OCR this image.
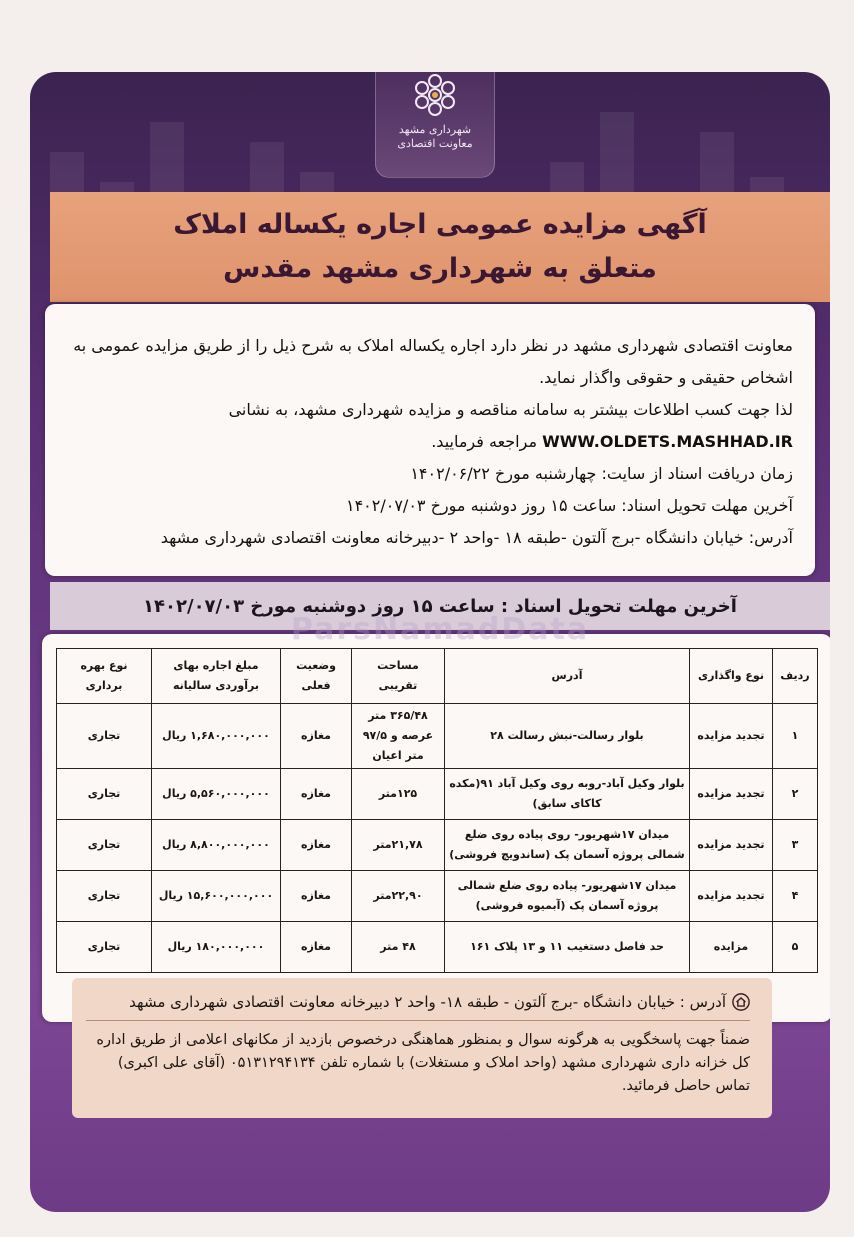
شهرداری مشهد
معاونت اقتصادی
آگهی مزایده عمومی اجاره یکساله املاک
متعلق به شهرداری مشهد مقدس

معاونت اقتصادی شهرداری مشهد در نظر دارد اجاره یکساله املاک به شرح ذیل را از طریق مزایده عمومی به اشخاص حقیقی و حقوقی واگذار نماید.

لذا جهت کسب اطلاعات بیشتر به سامانه مناقصه و مزایده شهرداری مشهد، به نشانی WWW.OLDETS.MASHHAD.IR مراجعه فرمایید.

زمان دریافت اسناد از سایت: چهارشنبه مورخ ۱۴۰۲/۰۶/۲۲

آخرین مهلت تحویل اسناد: ساعت ۱۵ روز دوشنبه مورخ ۱۴۰۲/۰۷/۰۳

آدرس: خیابان دانشگاه -برج آلتون -طبقه ۱۸ -واحد ۲ -دبیرخانه معاونت اقتصادی شهرداری مشهد

آخرین مهلت تحویل اسناد : ساعت ۱۵ روز دوشنبه مورخ ۱۴۰۲/۰۷/۰۳
ردیف	نوع واگذاری	آدرس	مساحت تقریبی	وضعیت فعلی	مبلغ اجاره بهای برآوردی سالیانه	نوع بهره برداری
۱	تجدید مزایده	بلوار رسالت-نبش رسالت ۲۸	۳۶۵/۴۸ متر عرصه و ۹۷/۵ متر اعیان	مغازه	۱,۶۸۰,۰۰۰,۰۰۰ ریال	تجاری
۲	تجدید مزایده	بلوار وکیل آباد-روبه روی وکیل آباد ۹۱(مکده کاکای سابق)	۱۲۵متر	مغازه	۵,۵۶۰,۰۰۰,۰۰۰ ریال	تجاری
۳	تجدید مزایده	میدان ۱۷شهریور- روی پیاده روی ضلع شمالی پروژه آسمان پک (ساندویچ فروشی)	۲۱,۷۸متر	مغازه	۸,۸۰۰,۰۰۰,۰۰۰ ریال	تجاری
۴	تجدید مزایده	میدان ۱۷شهریور- پیاده روی ضلع شمالی پروژه آسمان پک (آبمیوه فروشی)	۲۲,۹۰متر	مغازه	۱۵,۶۰۰,۰۰۰,۰۰۰ ریال	تجاری
۵	مزایده	حد فاصل دستغیب ۱۱ و ۱۳ پلاک ۱۶۱	۴۸ متر	مغازه	۱۸۰,۰۰۰,۰۰۰ ریال	تجاری
ParsNamadData
آدرس : خیابان دانشگاه -برج آلتون - طبقه ۱۸- واحد ۲ دبیرخانه معاونت اقتصادی شهرداری مشهد

ضمناً جهت پاسخگویی به هرگونه سوال و بمنظور هماهنگی درخصوص بازدید از مکانهای اعلامی از طریق اداره کل خزانه داری شهرداری مشهد (واحد املاک و مستغلات) با شماره تلفن ۰۵۱۳۱۲۹۴۱۳۴ (آقای علی اکبری) تماس حاصل فرمائید.
